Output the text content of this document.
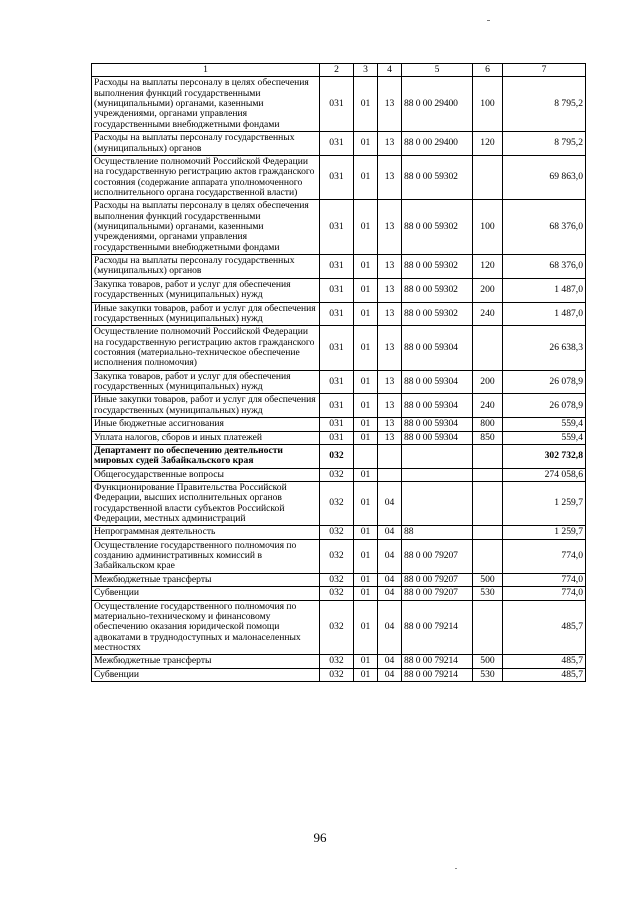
1	2	3	4	5	6	7
Расходы на выплаты персоналу в целях обеспечения выполнения функций государственными (муниципальными) органами, казенными учреждениями, органами управления государственными внебюджетными фондами	031	01	13	88 0 00 29400	100	8 795,2
Расходы на выплаты персоналу государственных (муниципальных) органов	031	01	13	88 0 00 29400	120	8 795,2
Осуществление полномочий Российской Федерации на государственную регистрацию актов гражданского состояния (содержание аппарата уполномоченного исполнительного органа государственной власти)	031	01	13	88 0 00 59302		69 863,0
Расходы на выплаты персоналу в целях обеспечения выполнения функций государственными (муниципальными) органами, казенными учреждениями, органами управления государственными внебюджетными фондами	031	01	13	88 0 00 59302	100	68 376,0
Расходы на выплаты персоналу государственных (муниципальных) органов	031	01	13	88 0 00 59302	120	68 376,0
Закупка товаров, работ и услуг для обеспечения государственных (муниципальных) нужд	031	01	13	88 0 00 59302	200	1 487,0
Иные закупки товаров, работ и услуг для обеспечения государственных (муниципальных) нужд	031	01	13	88 0 00 59302	240	1 487,0
Осуществление полномочий Российской Федерации на государственную регистрацию актов гражданского состояния (материально-техническое обеспечение исполнения полномочия)	031	01	13	88 0 00 59304		26 638,3
Закупка товаров, работ и услуг для обеспечения государственных (муниципальных) нужд	031	01	13	88 0 00 59304	200	26 078,9
Иные закупки товаров, работ и услуг для обеспечения государственных (муниципальных) нужд	031	01	13	88 0 00 59304	240	26 078,9
Иные бюджетные ассигнования	031	01	13	88 0 00 59304	800	559,4
Уплата налогов, сборов и иных платежей	031	01	13	88 0 00 59304	850	559,4
Департамент по обеспечению деятельности мировых судей Забайкальского края	032					302 732,8
Общегосударственные вопросы	032	01				274 058,6
Функционирование Правительства Российской Федерации, высших исполнительных органов государственной власти субъектов Российской Федерации, местных администраций	032	01	04			1 259,7
Непрограммная деятельность	032	01	04	88		1 259,7
Осуществление государственного полномочия по созданию административных комиссий в Забайкальском крае	032	01	04	88 0 00 79207		774,0
Межбюджетные трансферты	032	01	04	88 0 00 79207	500	774,0
Субвенции	032	01	04	88 0 00 79207	530	774,0
Осуществление государственного полномочия по материально-техническому и финансовому обеспечению оказания юридической помощи адвокатами в труднодоступных и малонаселенных местностях	032	01	04	88 0 00 79214		485,7
Межбюджетные трансферты	032	01	04	88 0 00 79214	500	485,7
Субвенции	032	01	04	88 0 00 79214	530	485,7
96
